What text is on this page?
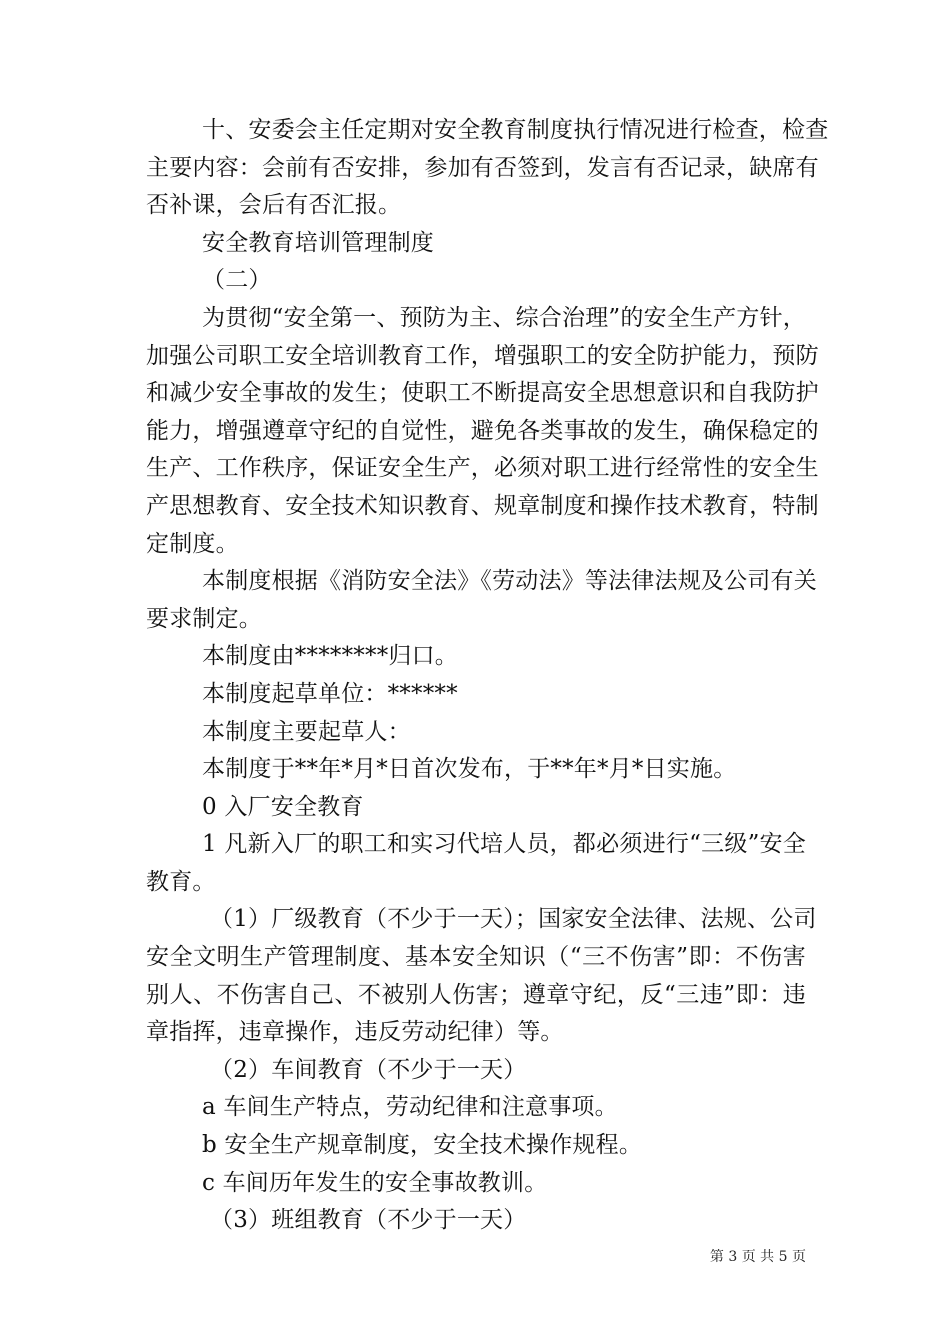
十、安委会主任定期对安全教育制度执行情况进行检查，检查
主要内容：会前有否安排，参加有否签到，发言有否记录，缺席有
否补课，会后有否汇报。
安全教育培训管理制度
（二）
为贯彻“安全第一、预防为主、综合治理”的安全生产方针，
加强公司职工安全培训教育工作，增强职工的安全防护能力，预防
和减少安全事故的发生；使职工不断提高安全思想意识和自我防护
能力，增强遵章守纪的自觉性，避免各类事故的发生，确保稳定的
生产、工作秩序，保证安全生产，必须对职工进行经常性的安全生
产思想教育、安全技术知识教育、规章制度和操作技术教育，特制
定制度。
本制度根据《消防安全法》《劳动法》等法律法规及公司有关
要求制定。
本制度由********归口。
本制度起草单位：******
本制度主要起草人：
本制度于**年*月*日首次发布，于**年*月*日实施。
0 入厂安全教育
1 凡新入厂的职工和实习代培人员，都必须进行“三级”安全
教育。
（1）厂级教育（不少于一天）；国家安全法律、法规、公司
安全文明生产管理制度、基本安全知识（“三不伤害”即：不伤害
别人、不伤害自己、不被别人伤害；遵章守纪，反“三违”即：违
章指挥，违章操作，违反劳动纪律）等。
（2）车间教育（不少于一天）
a 车间生产特点，劳动纪律和注意事项。
b 安全生产规章制度，安全技术操作规程。
c 车间历年发生的安全事故教训。
（3）班组教育（不少于一天）
第 3 页 共 5 页
